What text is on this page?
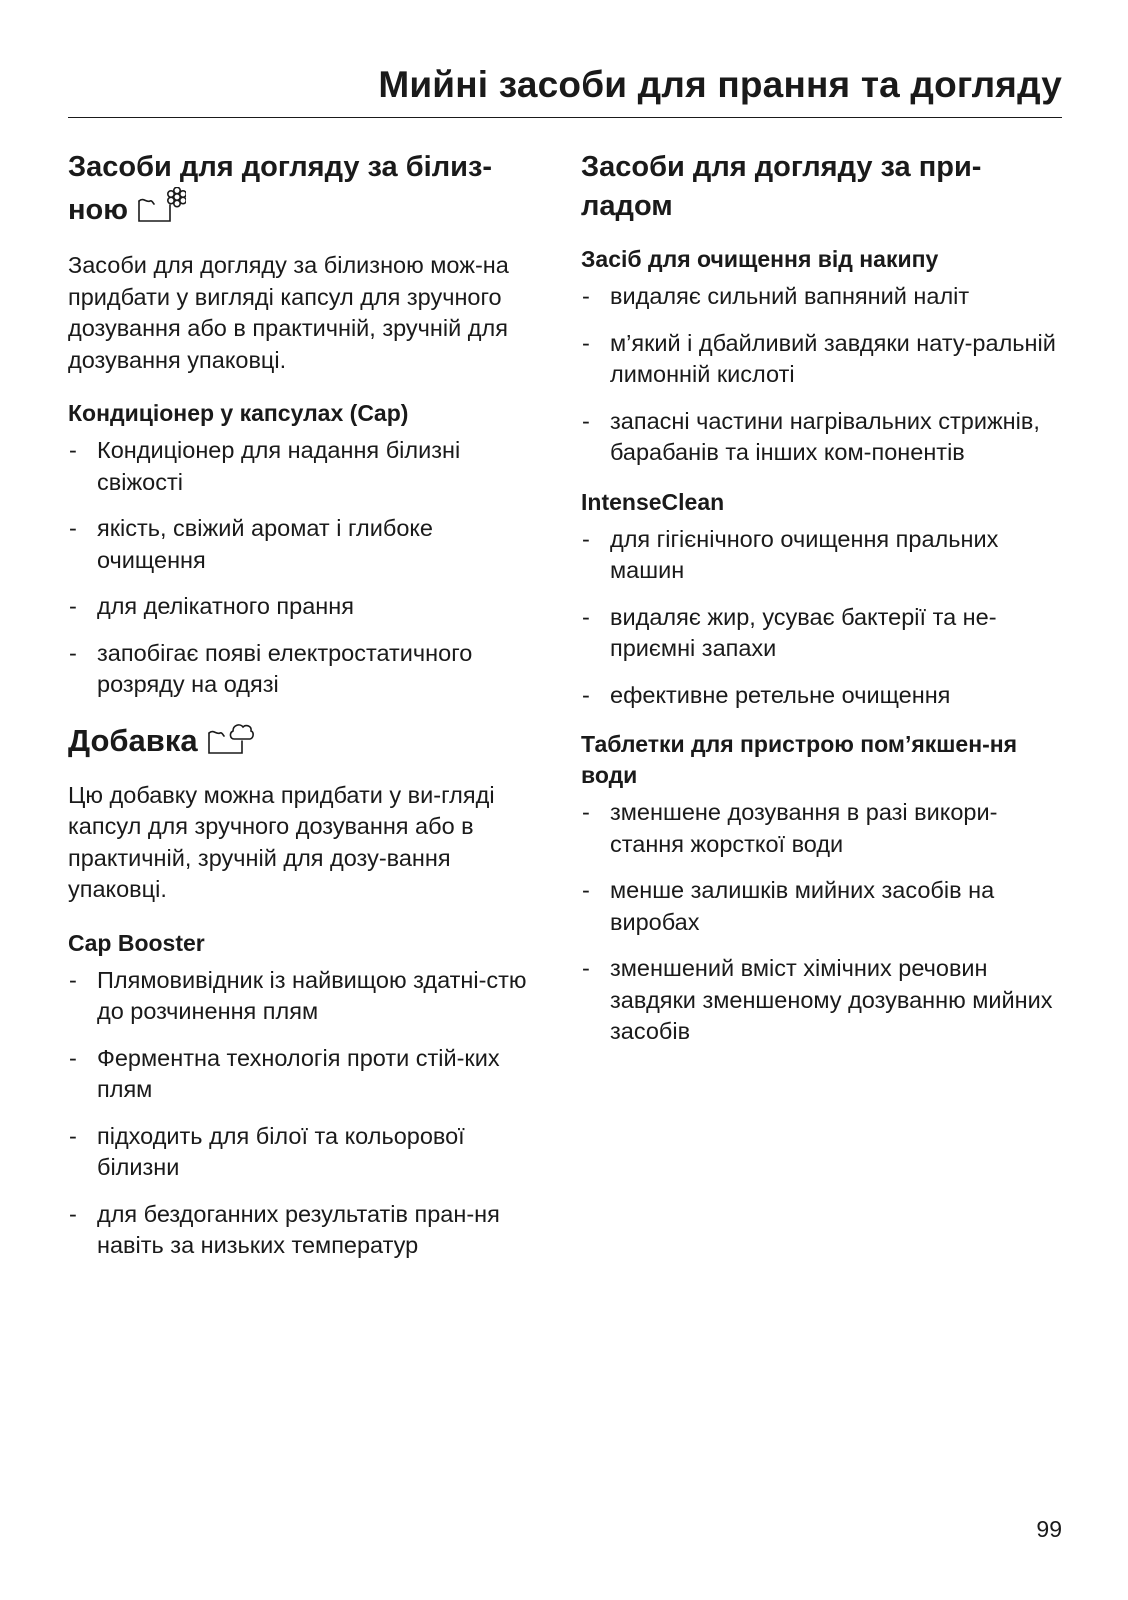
Мийні засоби для прання та догляду
Засоби для догляду за білиз-
ною

Засоби для догляду за білизною мож-на придбати у вигляді капсул для зручного дозування або в практичній, зручній для дозування упаковці.

Кондиціонер у капсулах (Cap)
- Кондиціонер для надання білизні свіжості
- якість, свіжий аромат і глибоке очищення
- для делікатного прання
- запобігає появі електростатичного розряду на одязі
Добавка

Цю добавку можна придбати у ви-гляді капсул для зручного дозування або в практичній, зручній для дозу-вання упаковці.

Cap Booster
- Плямовивідник із найвищою здатні-стю до розчинення плям
- Ферментна технологія проти стій-ких плям
- підходить для білої та кольорової білизни
- для бездоганних результатів пран-ня навіть за низьких температур
Засоби для догляду за при-
ладом
Засіб для очищення від накипу
- видаляє сильний вапняний наліт
- м’який і дбайливий завдяки нату-ральній лимонній кислоті
- запасні частини нагрівальних стрижнів, барабанів та інших ком-понентів
IntenseClean
- для гігієнічного очищення пральних машин
- видаляє жир, усуває бактерії та не-приємні запахи
- ефективне ретельне очищення
Таблетки для пристрою пом’якшен-ня води
- зменшене дозування в разі викори-стання жорсткої води
- менше залишків мийних засобів на виробах
- зменшений вміст хімічних речовин завдяки зменшеному дозуванню мийних засобів
99
